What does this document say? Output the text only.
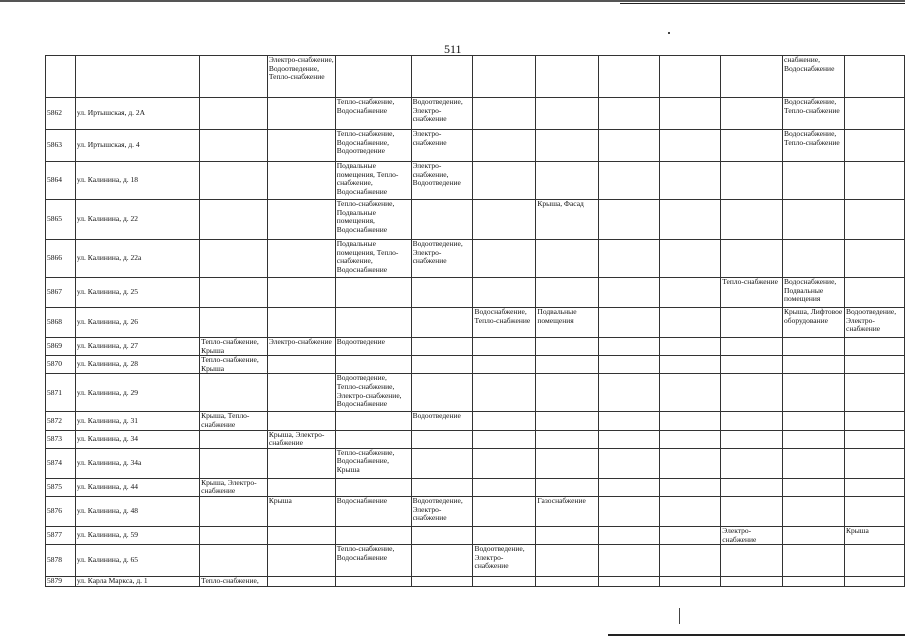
511
			Электро-снабжение, Водоотведение, Тепло-снабжение								снабжение, Водоснабжение	
5862	ул. Иртышская, д. 2А			Тепло-снабжение, Водоснабжение	Водоотведение, Электро-снабжение						Водоснабжение, Тепло-снабжение	
5863	ул. Иртышская, д. 4			Тепло-снабжение, Водоснабжение, Водоотведение	Электро-снабжение						Водоснабжение, Тепло-снабжение	
5864	ул. Калинина, д. 18			Подвальные помещения, Тепло-снабжение, Водоснабжение	Электро-снабжение, Водоотведение							
5865	ул. Калинина, д. 22			Тепло-снабжение, Подвальные помещения, Водоснабжение			Крыша, Фасад					
5866	ул. Калинина, д. 22а			Подвальные помещения, Тепло-снабжение, Водоснабжение	Водоотведение, Электро-снабжение							
5867	ул. Калинина, д. 25									Тепло-снабжение	Водоснабжение, Подвальные помещения	
5868	ул. Калинина, д. 26					Водоснабжение, Тепло-снабжение	Подвальные помещения				Крыша, Лифтовое оборудование	Водоотведение, Электро-снабжение
5869	ул. Калинина, д. 27	Тепло-снабжение, Крыша	Электро-снабжение	Водоотведение								
5870	ул. Калинина, д. 28	Тепло-снабжение, Крыша										
5871	ул. Калинина, д. 29			Водоотведение, Тепло-снабжение, Электро-снабжение, Водоснабжение								
5872	ул. Калинина, д. 31	Крыша, Тепло-снабжение			Водоотведение							
5873	ул. Калинина, д. 34		Крыша, Электро-снабжение									
5874	ул. Калинина, д. 34а			Тепло-снабжение, Водоснабжение, Крыша								
5875	ул. Калинина, д. 44	Крыша, Электро-снабжение										
5876	ул. Калинина, д. 48		Крыша	Водоснабжение	Водоотведение, Электро-снабжение		Газоснабжение					
5877	ул. Калинина, д. 59									Электро-снабжение		Крыша
5878	ул. Калинина, д. 65			Тепло-снабжение, Водоснабжение		Водоотведение, Электро-снабжение						
5879	ул. Карла Маркса, д. 1	Тепло-снабжение,										
